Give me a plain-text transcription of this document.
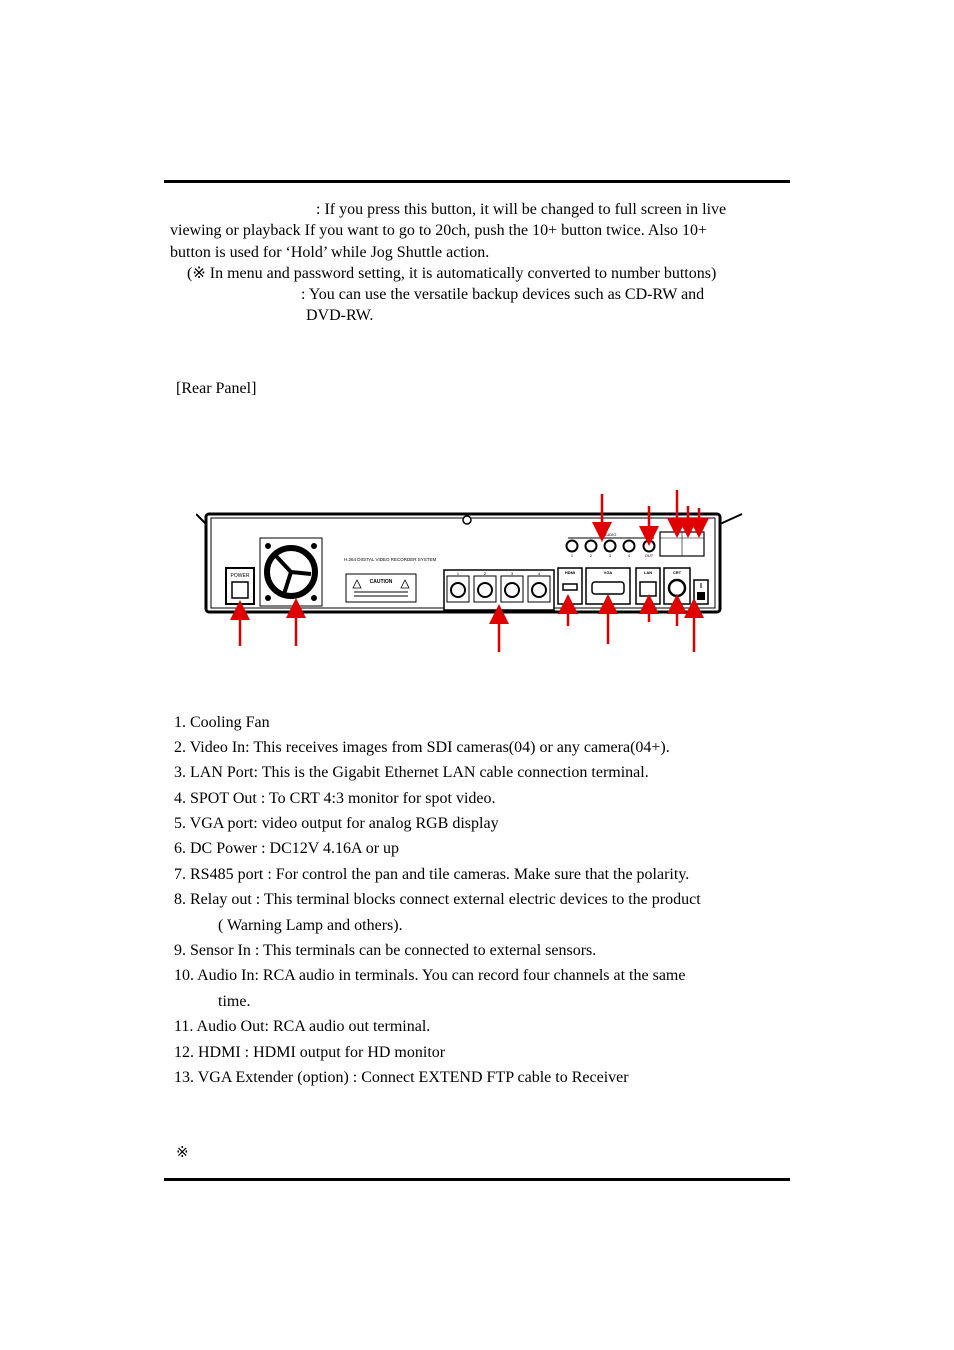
: If you press this button, it will be changed to full screen in live
viewing or playback If you want to go to 20ch, push the 10+ button twice. Also 10+
button is used for ‘Hold’ while Jog Shuttle action.
(※ In menu and password setting, it is automatically converted to number buttons)
: You can use the versatile backup devices such as CD-RW and
DVD-RW.
[Rear Panel]
POWER
H.264 DIGITAL VIDEO RECORDER SYSTEM
CAUTION
1	2	3	4
AUDIO
1	2	3	4	OUT
HDMI	VGA	LAN	CRT
1. Cooling Fan
2. Video In: This receives images from SDI cameras(04) or any camera(04+).
3. LAN Port: This is the Gigabit Ethernet LAN cable connection terminal.
4. SPOT Out : To CRT 4:3 monitor for spot video.
5. VGA port: video output for analog RGB display
6. DC Power : DC12V 4.16A or up
7. RS485 port : For control the pan and tile cameras. Make sure that the polarity.
8. Relay out : This terminal blocks connect external electric devices to the product
( Warning Lamp and others).
9. Sensor In : This terminals can be connected to external sensors.
10. Audio In: RCA audio in terminals. You can record four channels at the same
time.
11. Audio Out: RCA audio out terminal.
12. HDMI : HDMI output for HD monitor
13. VGA Extender (option) : Connect EXTEND FTP cable to Receiver
※
